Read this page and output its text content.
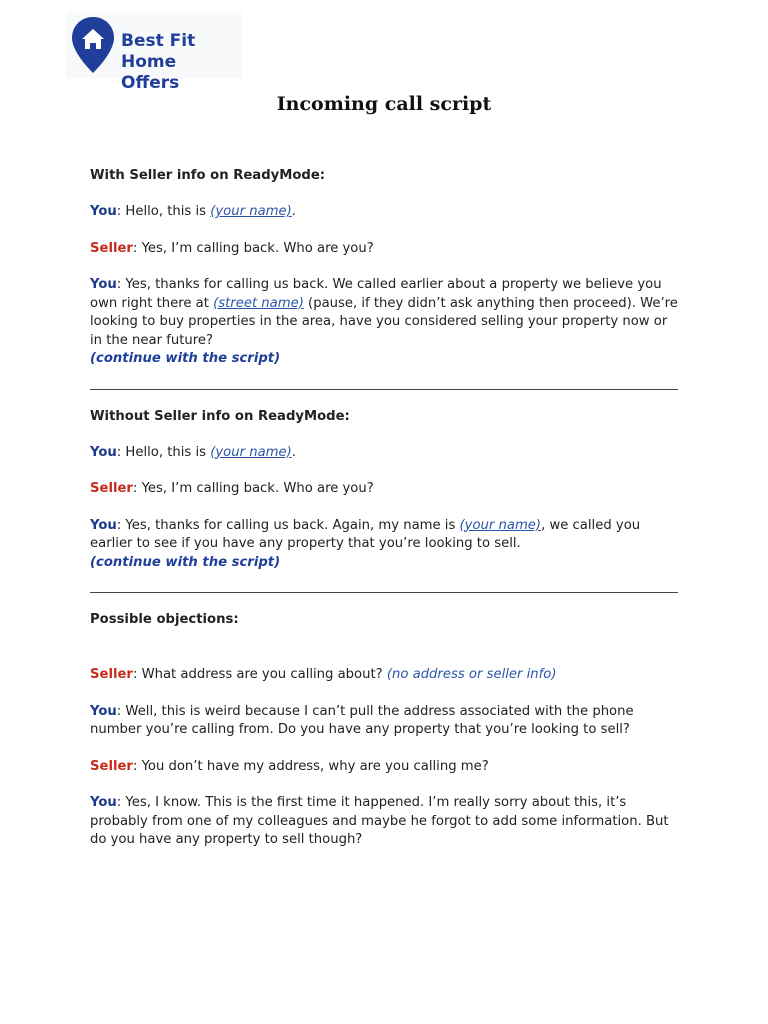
Best Fit Home
Offers
Incoming call script
With Seller info on ReadyMode:

You: Hello, this is (your name).

Seller: Yes, I’m calling back. Who are you?

You: Yes, thanks for calling us back. We called earlier about a property we believe you own right there at (street name) (pause, if they didn’t ask anything then proceed). We’re looking to buy properties in the area, have you considered selling your property now or in the near future?
(continue with the script)

Without Seller info on ReadyMode:

You: Hello, this is (your name).

Seller: Yes, I’m calling back. Who are you?

You: Yes, thanks for calling us back. Again, my name is (your name), we called you earlier to see if you have any property that you’re looking to sell.
(continue with the script)

Possible objections:

Seller: What address are you calling about? (no address or seller info)

You: Well, this is weird because I can’t pull the address associated with the phone number you’re calling from. Do you have any property that you’re looking to sell?

Seller: You don’t have my address, why are you calling me?

You: Yes, I know. This is the first time it happened. I’m really sorry about this, it’s probably from one of my colleagues and maybe he forgot to add some information. But do you have any property to sell though?
